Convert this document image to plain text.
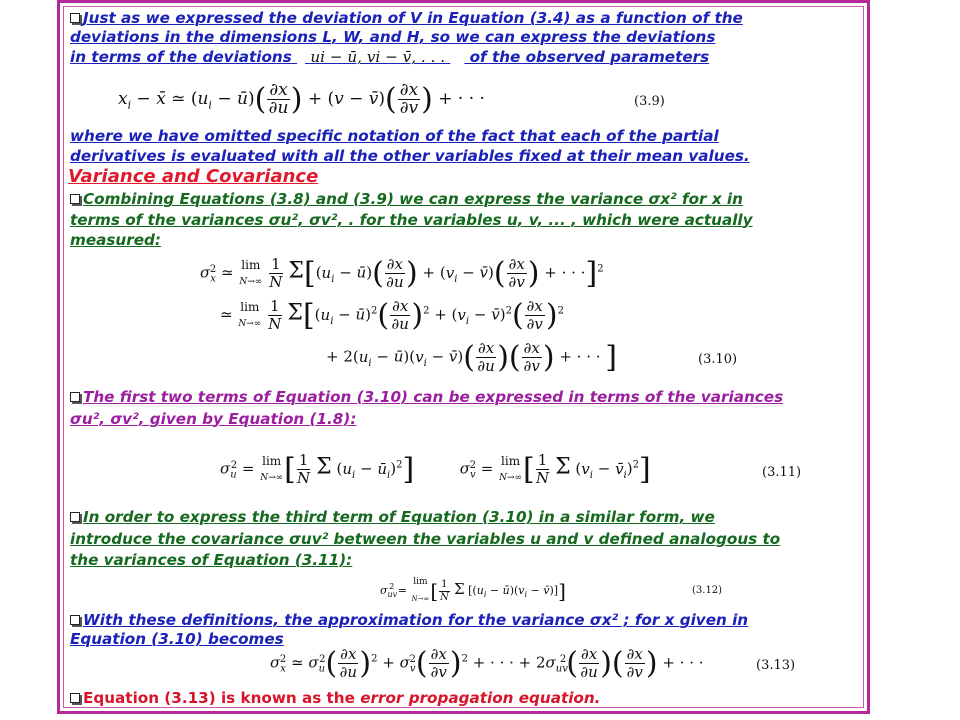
Just as we expressed the deviation of V in Equation (3.4) as a function of the
deviations in the dimensions L, W, and H, so we can express the deviations
in terms of the deviations ui − ū, vi − v̄, . . . of the observed parameters
$x_i$ − x̄ ≃ ($u_i$ − ū)( $\frac{\partial x}{\partial u}$ ) + (v − v̄)( $\frac{\partial x}{\partial v}$ ) + · · ·	(3.9)
where we have omitted specific notation of the fact that each of the partial
derivatives is evaluated with all the other variables fixed at their mean values.
Variance and Covariance
Combining Equations (3.8) and (3.9) we can express the variance σx² for x in
terms of the variances σu², σv², . for the variables u, v, ... , which were actually
measured:
$\sigma_x^2$ ≃ lim
N→∞
$\frac{1}{N} \Sigma[(u_i$ − ū)( $\frac{\partial x}{\partial u}$ ) + ($v_i$ − v̄)( $\frac{\partial x}{\partial v}$ ) + · · ·]$^2$
≃ lim
N→∞
$\frac{1}{N} \Sigma[(u_i$ − ū)$^2$( $\frac{\partial x}{\partial u} )^2 + (v_i$ − v̄)$^2$( $\frac{\partial x}{\partial v} )^2$
+ $2(u_i$ − $ū)(v_i$ − v̄)( $\frac{\partial x}{\partial u}$ )( $\frac{\partial x}{\partial v}$ ) + · · · ]	(3.10)
The first two terms of Equation (3.10) can be expressed in terms of the variances
σu², σv², given by Equation (1.8):
$\sigma_u^2 = \lim$
N→∞ [ $\frac{1}{N}$ Σ ($u_i$ − $ū_i)^2$]	$\sigma_v^2 = \lim$
N→∞ [ $\frac{1}{N}$ Σ ($v_i$ − $v̄_i)^2$]	(3.11)
In order to express the third term of Equation (3.10) in a similar form, we
introduce the covariance σuv² between the variables u and v defined analogous to
the variances of Equation (3.11):
$\sigma_{uv}^2$ =
lim
N→∞ [ $\frac{1}{N}$ Σ [($u_i$ − $ū)(v_i$ − v̄)]]	(3.12)
With these definitions, the approximation for the variance σx² ; for x given in
Equation (3.10) becomes
$\sigma_x^2$ ≃ $\sigma_u^2( \frac{\partial x}{\partial u} )^2 + \sigma_v^2( \frac{\partial x}{\partial v} )^2$ + · · · + $2\sigma_{uv}^2( \frac{\partial x}{\partial u}$ )( $\frac{\partial x}{\partial v}$ ) + · · ·	(3.13)
Equation (3.13) is known as the error propagation equation.
